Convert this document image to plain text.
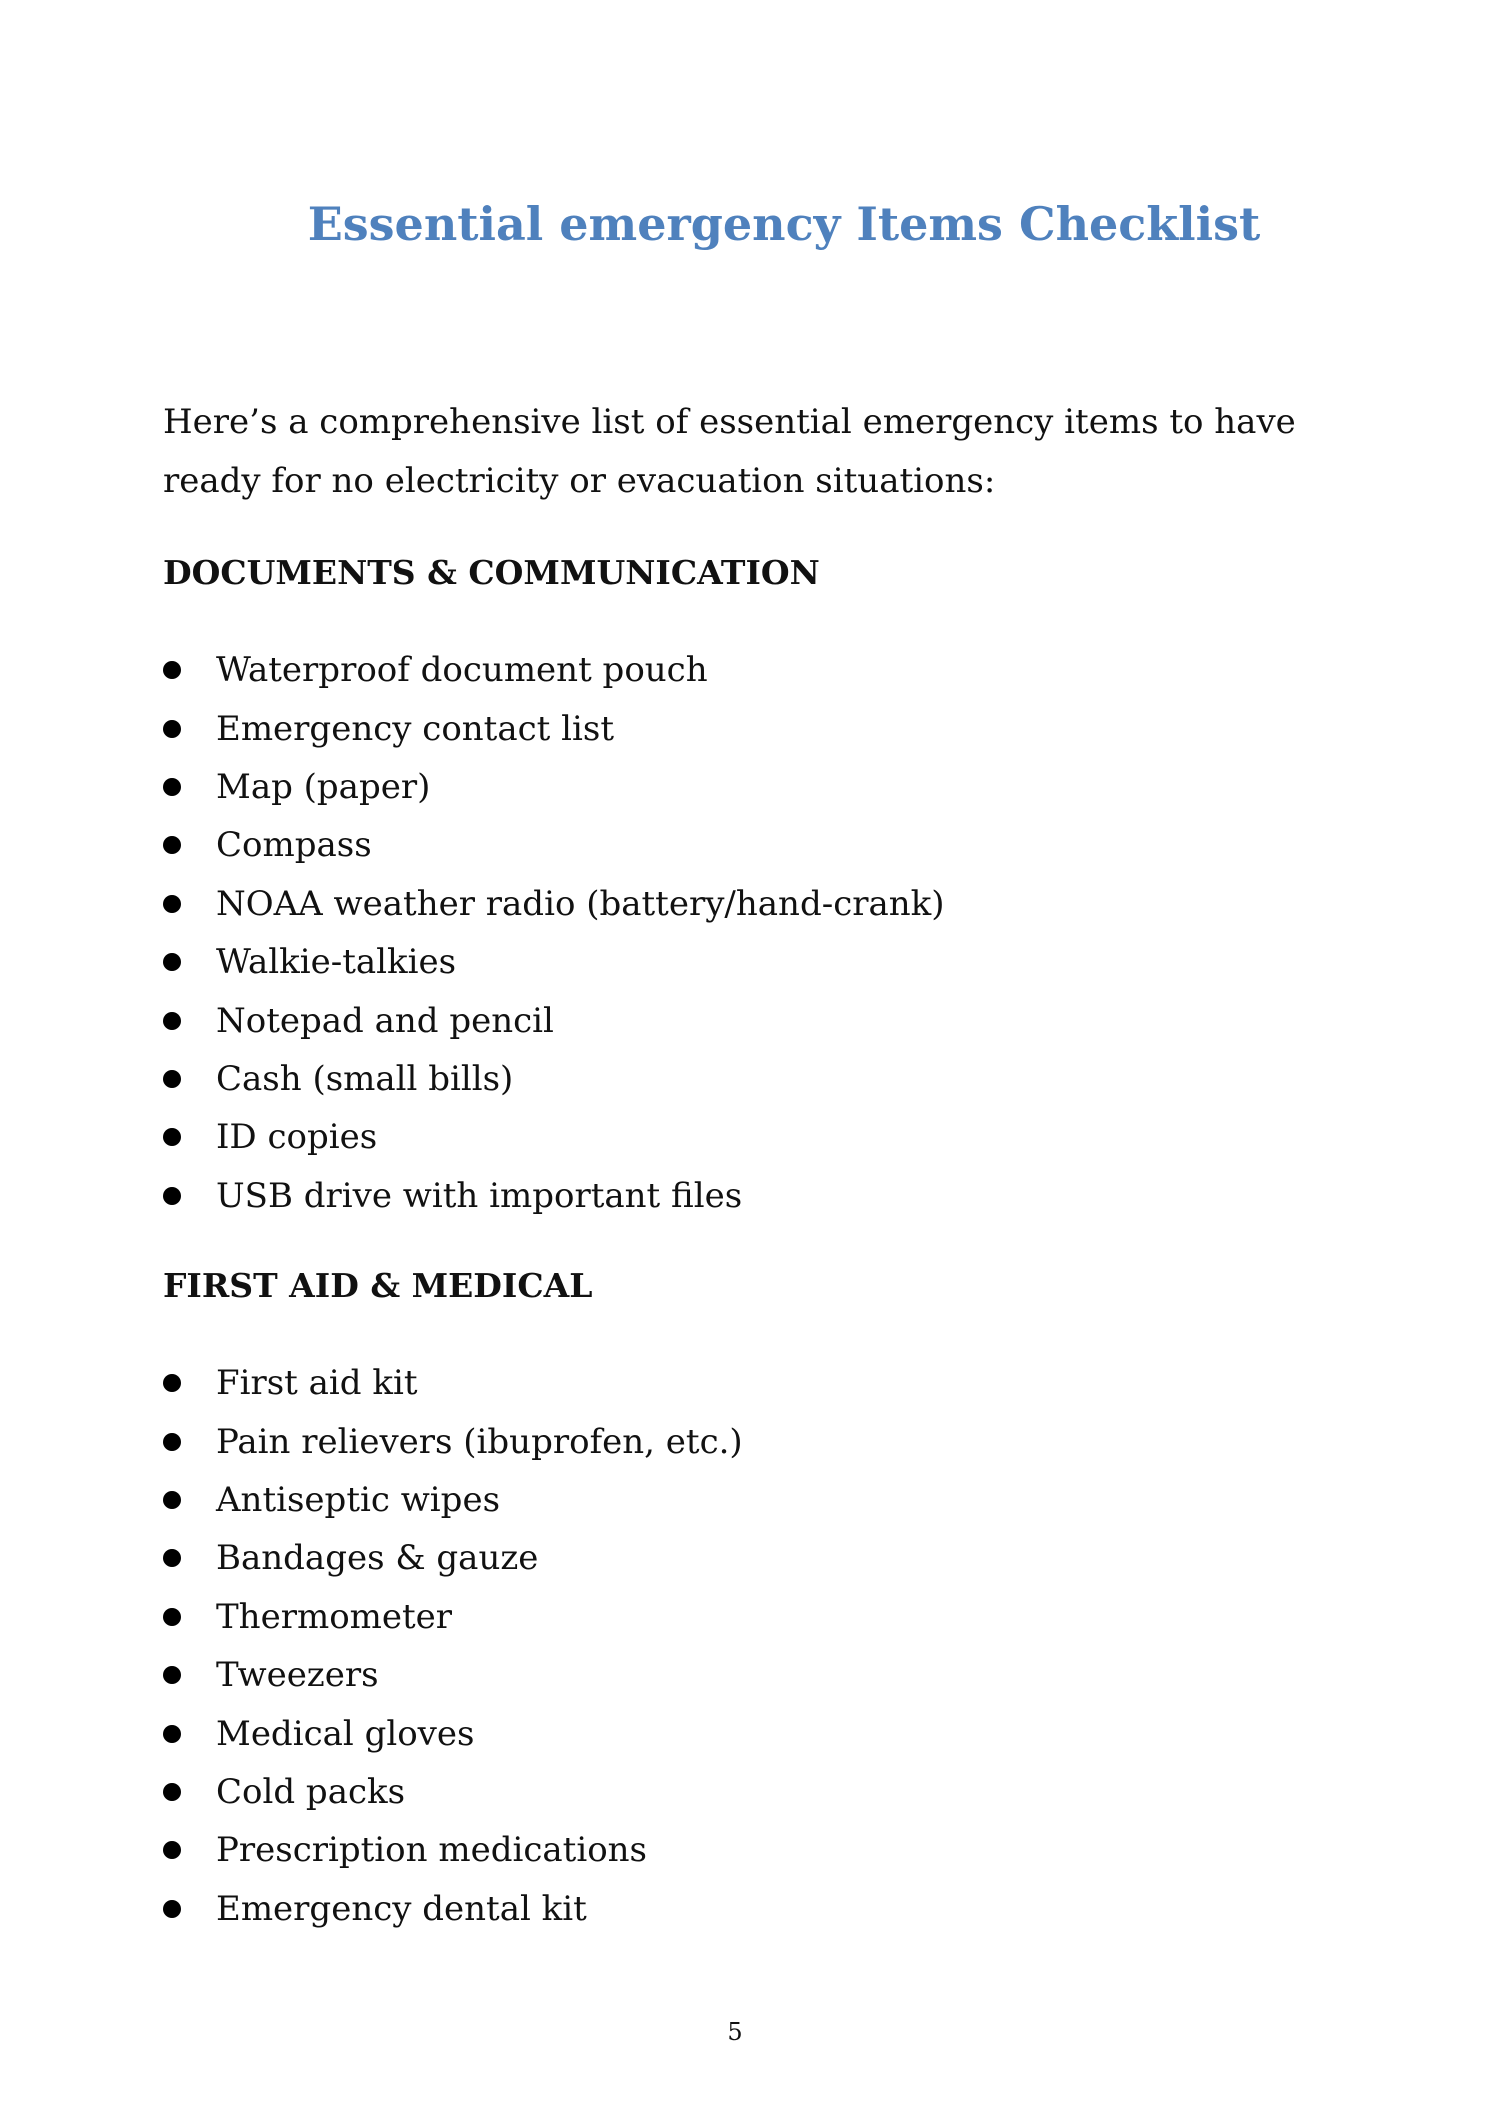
Essential emergency Items Checklist

Here’s a comprehensive list of essential emergency items to have ready for no electricity or evacuation situations:

DOCUMENTS & COMMUNICATION
Waterproof document pouch
Emergency contact list
Map (paper)
Compass
NOAA weather radio (battery/hand-crank)
Walkie-talkies
Notepad and pencil
Cash (small bills)
ID copies
USB drive with important files
FIRST AID & MEDICAL
First aid kit
Pain relievers (ibuprofen, etc.)
Antiseptic wipes
Bandages & gauze
Thermometer
Tweezers
Medical gloves
Cold packs
Prescription medications
Emergency dental kit

5
